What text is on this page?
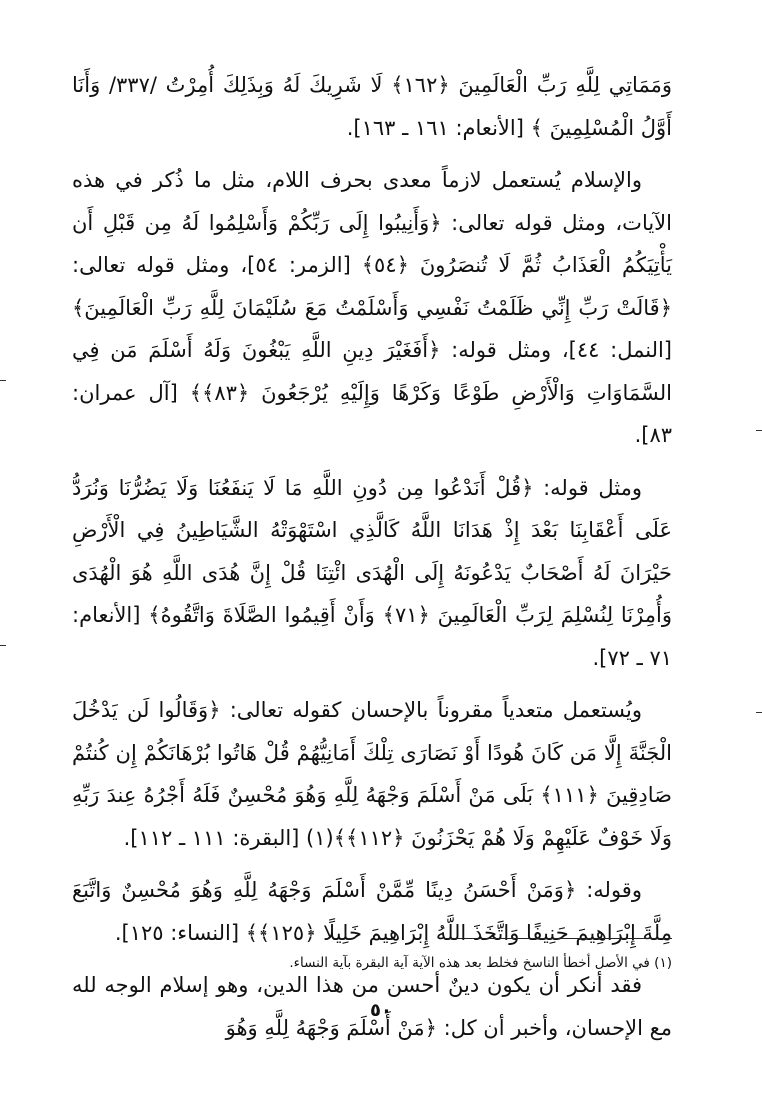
وَمَمَاتِي لِلَّهِ رَبِّ الْعَالَمِينَ ﴿١٦٢﴾ لَا شَرِيكَ لَهُ وَبِذَلِكَ أُمِرْتُ /٣٣٧/ وَأَنَا أَوَّلُ الْمُسْلِمِينَ ﴾ [الأنعام: ١٦١ ـ ١٦٣].

والإسلام يُستعمل لازماً معدى بحرف اللام، مثل ما ذُكر في هذه الآيات، ومثل قوله تعالى: ﴿وَأَنِيبُوا إِلَى رَبِّكُمْ وَأَسْلِمُوا لَهُ مِن قَبْلِ أَن يَأْتِيَكُمُ الْعَذَابُ ثُمَّ لَا تُنصَرُونَ ﴿٥٤﴾ [الزمر: ٥٤]، ومثل قوله تعالى: ﴿قَالَتْ رَبِّ إِنِّي ظَلَمْتُ نَفْسِي وَأَسْلَمْتُ مَعَ سُلَيْمَانَ لِلَّهِ رَبِّ الْعَالَمِينَ﴾ [النمل: ٤٤]، ومثل قوله: ﴿أَفَغَيْرَ دِينِ اللَّهِ يَبْغُونَ وَلَهُ أَسْلَمَ مَن فِي السَّمَاوَاتِ وَالْأَرْضِ طَوْعًا وَكَرْهًا وَإِلَيْهِ يُرْجَعُونَ ﴿٨٣﴾﴾ [آل عمران: ٨٣].

ومثل قوله: ﴿قُلْ أَنَدْعُوا مِن دُونِ اللَّهِ مَا لَا يَنفَعُنَا وَلَا يَضُرُّنَا وَنُرَدُّ عَلَى أَعْقَابِنَا بَعْدَ إِذْ هَدَانَا اللَّهُ كَالَّذِي اسْتَهْوَتْهُ الشَّيَاطِينُ فِي الْأَرْضِ حَيْرَانَ لَهُ أَصْحَابٌ يَدْعُونَهُ إِلَى الْهُدَى ائْتِنَا قُلْ إِنَّ هُدَى اللَّهِ هُوَ الْهُدَى وَأُمِرْنَا لِنُسْلِمَ لِرَبِّ الْعَالَمِينَ ﴿٧١﴾ وَأَنْ أَقِيمُوا الصَّلَاةَ وَاتَّقُوهُ﴾ [الأنعام: ٧١ ـ ٧٢].

ويُستعمل متعدياً مقروناً بالإحسان كقوله تعالى: ﴿وَقَالُوا لَن يَدْخُلَ الْجَنَّةَ إِلَّا مَن كَانَ هُودًا أَوْ نَصَارَى تِلْكَ أَمَانِيُّهُمْ قُلْ هَاتُوا بُرْهَانَكُمْ إِن كُنتُمْ صَادِقِينَ ﴿١١١﴾ بَلَى مَنْ أَسْلَمَ وَجْهَهُ لِلَّهِ وَهُوَ مُحْسِنٌ فَلَهُ أَجْرُهُ عِندَ رَبِّهِ وَلَا خَوْفٌ عَلَيْهِمْ وَلَا هُمْ يَحْزَنُونَ ﴿١١٢﴾﴾(١) [البقرة: ١١١ ـ ١١٢].

وقوله: ﴿وَمَنْ أَحْسَنُ دِينًا مِّمَّنْ أَسْلَمَ وَجْهَهُ لِلَّهِ وَهُوَ مُحْسِنٌ وَاتَّبَعَ مِلَّةَ إِبْرَاهِيمَ حَنِيفًا وَاتَّخَذَ اللَّهُ إِبْرَاهِيمَ خَلِيلًا ﴿١٢٥﴾﴾ [النساء: ١٢٥].

فقد أنكر أن يكون دينٌ أحسن من هذا الدين، وهو إسلام الوجه لله مع الإحسان، وأخبر أن كل: ﴿مَنْ أَسْلَمَ وَجْهَهُ لِلَّهِ وَهُوَ

(١) في الأصل أخطأ الناسخ فخلط بعد هذه الآية آية البقرة بآية النساء.
٥٠
